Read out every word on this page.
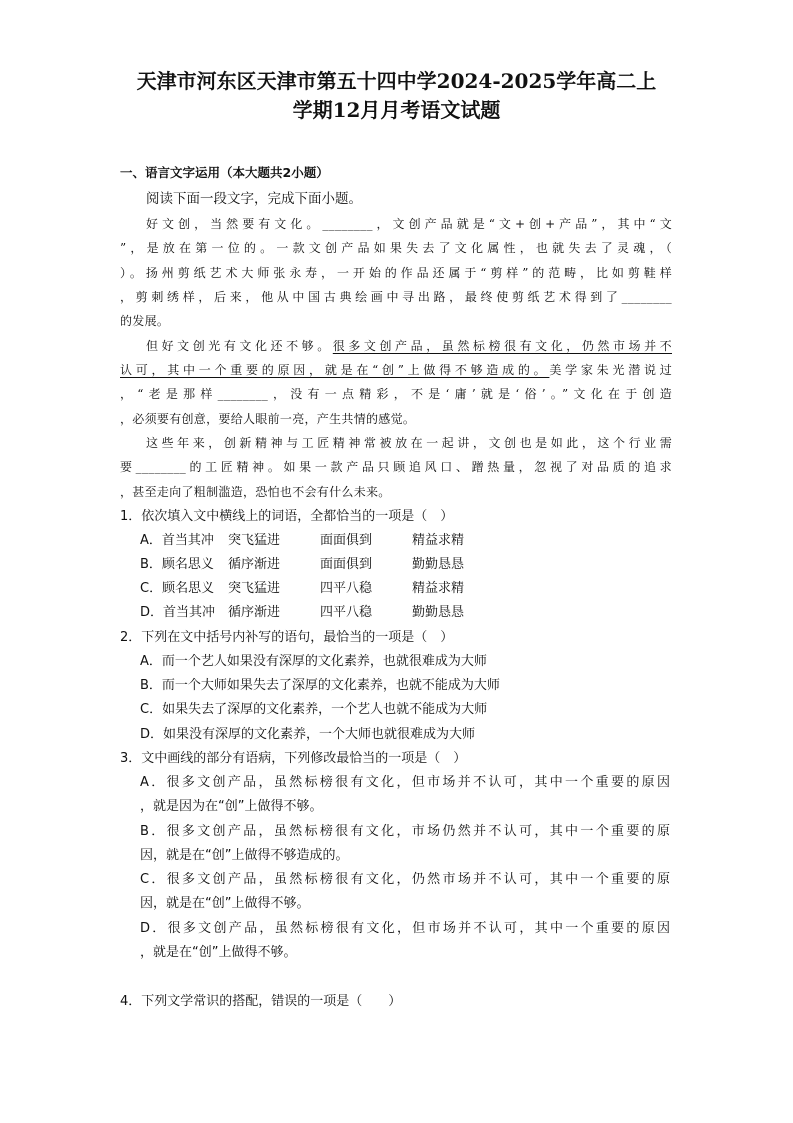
天津市河东区天津市第五十四中学2024-2025学年高二上
学期12月月考语文试题
一、语言文字运用（本大题共2小题）
阅读下面一段文字，完成下面小题。
好文创，当然要有文化。________，文创产品就是“文+创+产品”，其中“文
”，是放在第一位的。一款文创产品如果失去了文化属性，也就失去了灵魂，（
）。扬州剪纸艺术大师张永寿，一开始的作品还属于“剪样”的范畴，比如剪鞋样
，剪刺绣样，后来，他从中国古典绘画中寻出路，最终使剪纸艺术得到了________
的发展。
但好文创光有文化还不够。很多文创产品，虽然标榜很有文化，仍然市场并不
认可，其中一个重要的原因，就是在“创”上做得不够造成的。美学家朱光潜说过
，“老是那样________，没有一点精彩，不是‘庸’就是‘俗’。”文化在于创造
，必须要有创意，要给人眼前一亮，产生共情的感觉。
这些年来，创新精神与工匠精神常被放在一起讲，文创也是如此，这个行业需
要________的工匠精神。如果一款产品只顾追风口、蹭热量，忽视了对品质的追求
，甚至走向了粗制滥造，恐怕也不会有什么未来。
1．依次填入文中横线上的词语，全都恰当的一项是（　）
A．首当其冲 突飞猛进	面面俱到	精益求精
B．顾名思义 循序渐进	面面俱到	勤勤恳恳
C．顾名思义 突飞猛进	四平八稳	精益求精
D．首当其冲 循序渐进	四平八稳	勤勤恳恳
2．下列在文中括号内补写的语句，最恰当的一项是（　）
A．而一个艺人如果没有深厚的文化素养，也就很难成为大师
B．而一个大师如果失去了深厚的文化素养，也就不能成为大师
C．如果失去了深厚的文化素养，一个艺人也就不能成为大师
D．如果没有深厚的文化素养，一个大师也就很难成为大师
3．文中画线的部分有语病，下列修改最恰当的一项是（　）
A．很多文创产品，虽然标榜很有文化，但市场并不认可，其中一个重要的原因
，就是因为在“创”上做得不够。
B．很多文创产品，虽然标榜很有文化，市场仍然并不认可，其中一个重要的原
因，就是在“创”上做得不够造成的。
C．很多文创产品，虽然标榜很有文化，仍然市场并不认可，其中一个重要的原
因，就是在“创”上做得不够。
D．很多文创产品，虽然标榜很有文化，但市场并不认可，其中一个重要的原因
，就是在“创”上做得不够。
4．下列文学常识的搭配，错误的一项是（　　）
